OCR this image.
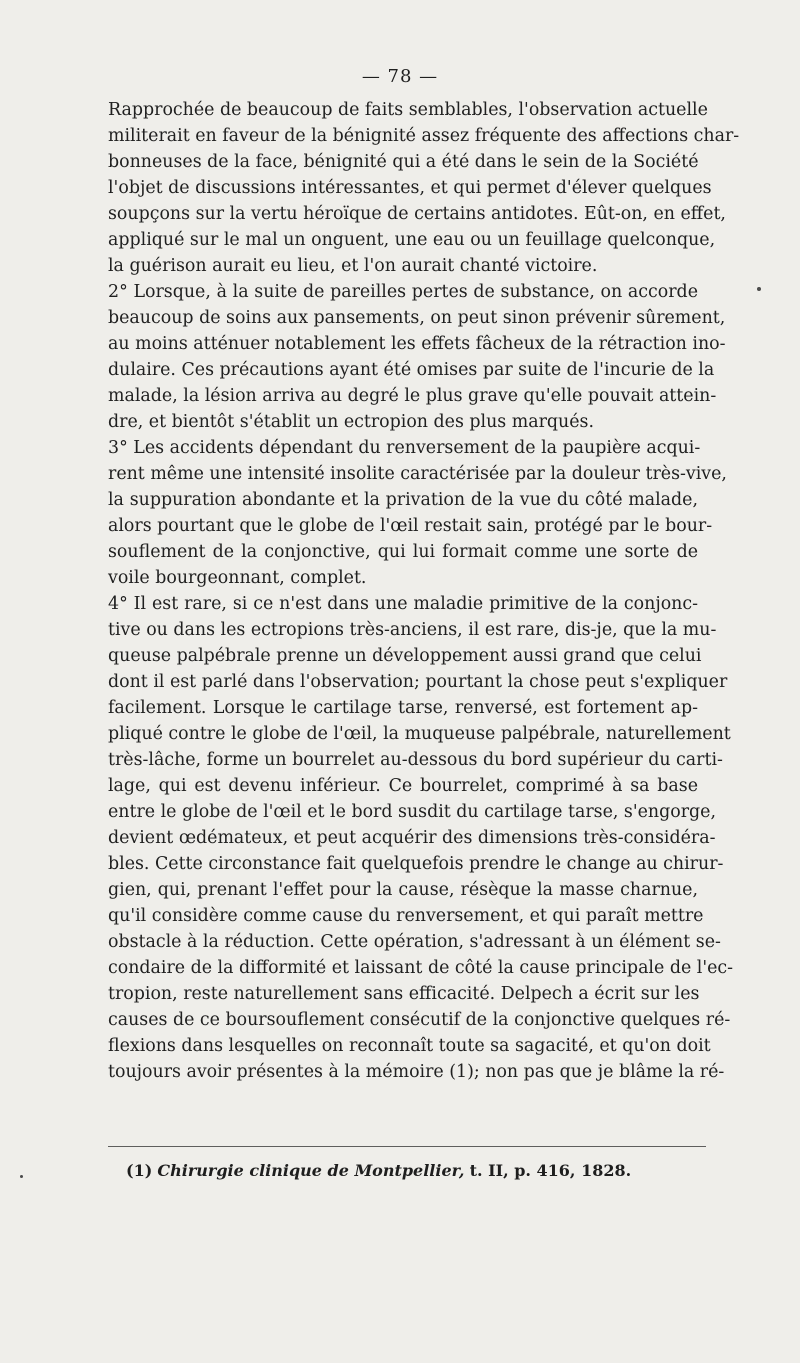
— 78 —
Rapprochée de beaucoup de faits semblables, l'observation actuelle
militerait en faveur de la bénignité assez fréquente des affections char-
bonneuses de la face, bénignité qui a été dans le sein de la Société
l'objet de discussions intéressantes, et qui permet d'élever quelques
soupçons sur la vertu héroïque de certains antidotes. Eût-on, en effet,
appliqué sur le mal un onguent, une eau ou un feuillage quelconque,
la guérison aurait eu lieu, et l'on aurait chanté victoire.
2° Lorsque, à la suite de pareilles pertes de substance, on accorde
beaucoup de soins aux pansements, on peut sinon prévenir sûrement,
au moins atténuer notablement les effets fâcheux de la rétraction ino-
dulaire. Ces précautions ayant été omises par suite de l'incurie de la
malade, la lésion arriva au degré le plus grave qu'elle pouvait attein-
dre, et bientôt s'établit un ectropion des plus marqués.
3° Les accidents dépendant du renversement de la paupière acqui-
rent même une intensité insolite caractérisée par la douleur très-vive,
la suppuration abondante et la privation de la vue du côté malade,
alors pourtant que le globe de l'œil restait sain, protégé par le bour-
souflement de la conjonctive, qui lui formait comme une sorte de
voile bourgeonnant, complet.
4° Il est rare, si ce n'est dans une maladie primitive de la conjonc-
tive ou dans les ectropions très-anciens, il est rare, dis-je, que la mu-
queuse palpébrale prenne un développement aussi grand que celui
dont il est parlé dans l'observation; pourtant la chose peut s'expliquer
facilement. Lorsque le cartilage tarse, renversé, est fortement ap-
pliqué contre le globe de l'œil, la muqueuse palpébrale, naturellement
très-lâche, forme un bourrelet au-dessous du bord supérieur du carti-
lage, qui est devenu inférieur. Ce bourrelet, comprimé à sa base
entre le globe de l'œil et le bord susdit du cartilage tarse, s'engorge,
devient œdémateux, et peut acquérir des dimensions très-considéra-
bles. Cette circonstance fait quelquefois prendre le change au chirur-
gien, qui, prenant l'effet pour la cause, résèque la masse charnue,
qu'il considère comme cause du renversement, et qui paraît mettre
obstacle à la réduction. Cette opération, s'adressant à un élément se-
condaire de la difformité et laissant de côté la cause principale de l'ec-
tropion, reste naturellement sans efficacité. Delpech a écrit sur les
causes de ce boursouflement consécutif de la conjonctive quelques ré-
flexions dans lesquelles on reconnaît toute sa sagacité, et qu'on doit
toujours avoir présentes à la mémoire (1); non pas que je blâme la ré-
(1) Chirurgie clinique de Montpellier, t. II, p. 416, 1828.
